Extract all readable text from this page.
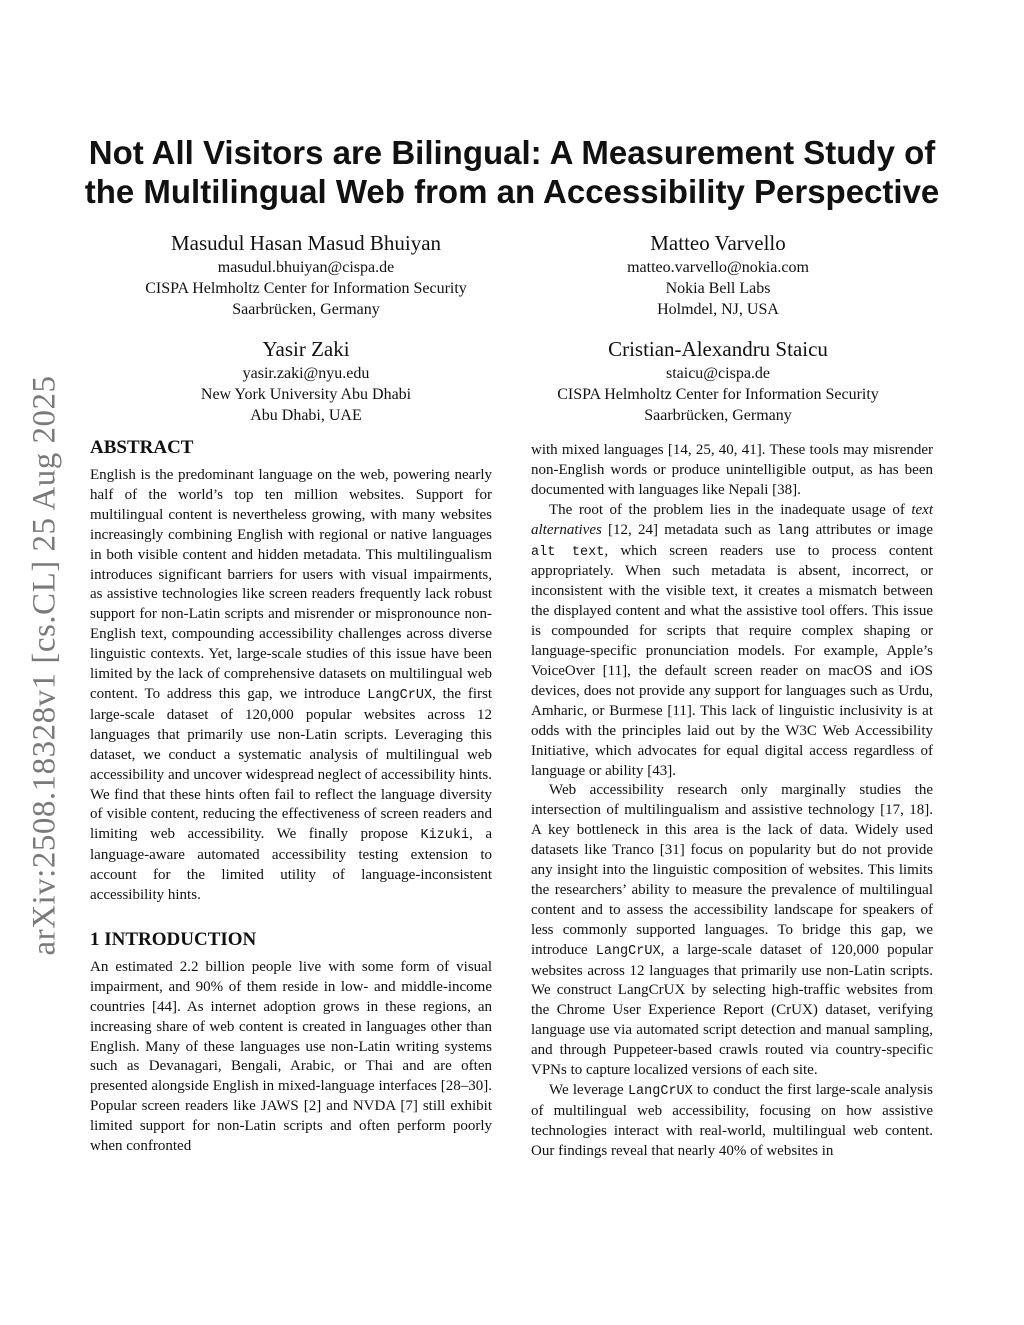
arXiv:2508.18328v1 [cs.CL] 25 Aug 2025
Not All Visitors are Bilingual: A Measurement Study of
the Multilingual Web from an Accessibility Perspective
Masudul Hasan Masud Bhuiyan
masudul.bhuiyan@cispa.de
CISPA Helmholtz Center for Information Security
Saarbrücken, Germany
Matteo Varvello
matteo.varvello@nokia.com
Nokia Bell Labs
Holmdel, NJ, USA
Yasir Zaki
yasir.zaki@nyu.edu
New York University Abu Dhabi
Abu Dhabi, UAE
Cristian-Alexandru Staicu
staicu@cispa.de
CISPA Helmholtz Center for Information Security
Saarbrücken, Germany
ABSTRACT

English is the predominant language on the web, powering nearly half of the world’s top ten million websites. Support for multilingual content is nevertheless growing, with many websites increasingly combining English with regional or native languages in both visible content and hidden metadata. This multilingualism introduces significant barriers for users with visual impairments, as assistive technologies like screen readers frequently lack robust support for non-Latin scripts and misrender or mispronounce non-English text, compounding accessibility challenges across diverse linguistic contexts. Yet, large-scale studies of this issue have been limited by the lack of comprehensive datasets on multilingual web content. To address this gap, we introduce LangCrUX, the first large-scale dataset of 120,000 popular websites across 12 languages that primarily use non-Latin scripts. Leveraging this dataset, we conduct a systematic analysis of multilingual web accessibility and uncover widespread neglect of accessibility hints. We find that these hints often fail to reflect the language diversity of visible content, reducing the effectiveness of screen readers and limiting web accessibility. We finally propose Kizuki, a language-aware automated accessibility testing extension to account for the limited utility of language-inconsistent accessibility hints.

1 INTRODUCTION

An estimated 2.2 billion people live with some form of visual impairment, and 90% of them reside in low- and middle-income countries [44]. As internet adoption grows in these regions, an increasing share of web content is created in languages other than English. Many of these languages use non-Latin writing systems such as Devanagari, Bengali, Arabic, or Thai and are often presented alongside English in mixed-language interfaces [28–30]. Popular screen readers like JAWS [2] and NVDA [7] still exhibit limited support for non-Latin scripts and often perform poorly when confronted

with mixed languages [14, 25, 40, 41]. These tools may misrender non-English words or produce unintelligible output, as has been documented with languages like Nepali [38].

The root of the problem lies in the inadequate usage of text alternatives [12, 24] metadata such as lang attributes or image alt text, which screen readers use to process content appropriately. When such metadata is absent, incorrect, or inconsistent with the visible text, it creates a mismatch between the displayed content and what the assistive tool offers. This issue is compounded for scripts that require complex shaping or language-specific pronunciation models. For example, Apple’s VoiceOver [11], the default screen reader on macOS and iOS devices, does not provide any support for languages such as Urdu, Amharic, or Burmese [11]. This lack of linguistic inclusivity is at odds with the principles laid out by the W3C Web Accessibility Initiative, which advocates for equal digital access regardless of language or ability [43].

Web accessibility research only marginally studies the intersection of multilingualism and assistive technology [17, 18]. A key bottleneck in this area is the lack of data. Widely used datasets like Tranco [31] focus on popularity but do not provide any insight into the linguistic composition of websites. This limits the researchers’ ability to measure the prevalence of multilingual content and to assess the accessibility landscape for speakers of less commonly supported languages. To bridge this gap, we introduce LangCrUX, a large-scale dataset of 120,000 popular websites across 12 languages that primarily use non-Latin scripts. We construct LangCrUX by selecting high-traffic websites from the Chrome User Experience Report (CrUX) dataset, verifying language use via automated script detection and manual sampling, and through Puppeteer-based crawls routed via country-specific VPNs to capture localized versions of each site.

We leverage LangCrUX to conduct the first large-scale analysis of multilingual web accessibility, focusing on how assistive technologies interact with real-world, multilingual web content. Our findings reveal that nearly 40% of websites in
